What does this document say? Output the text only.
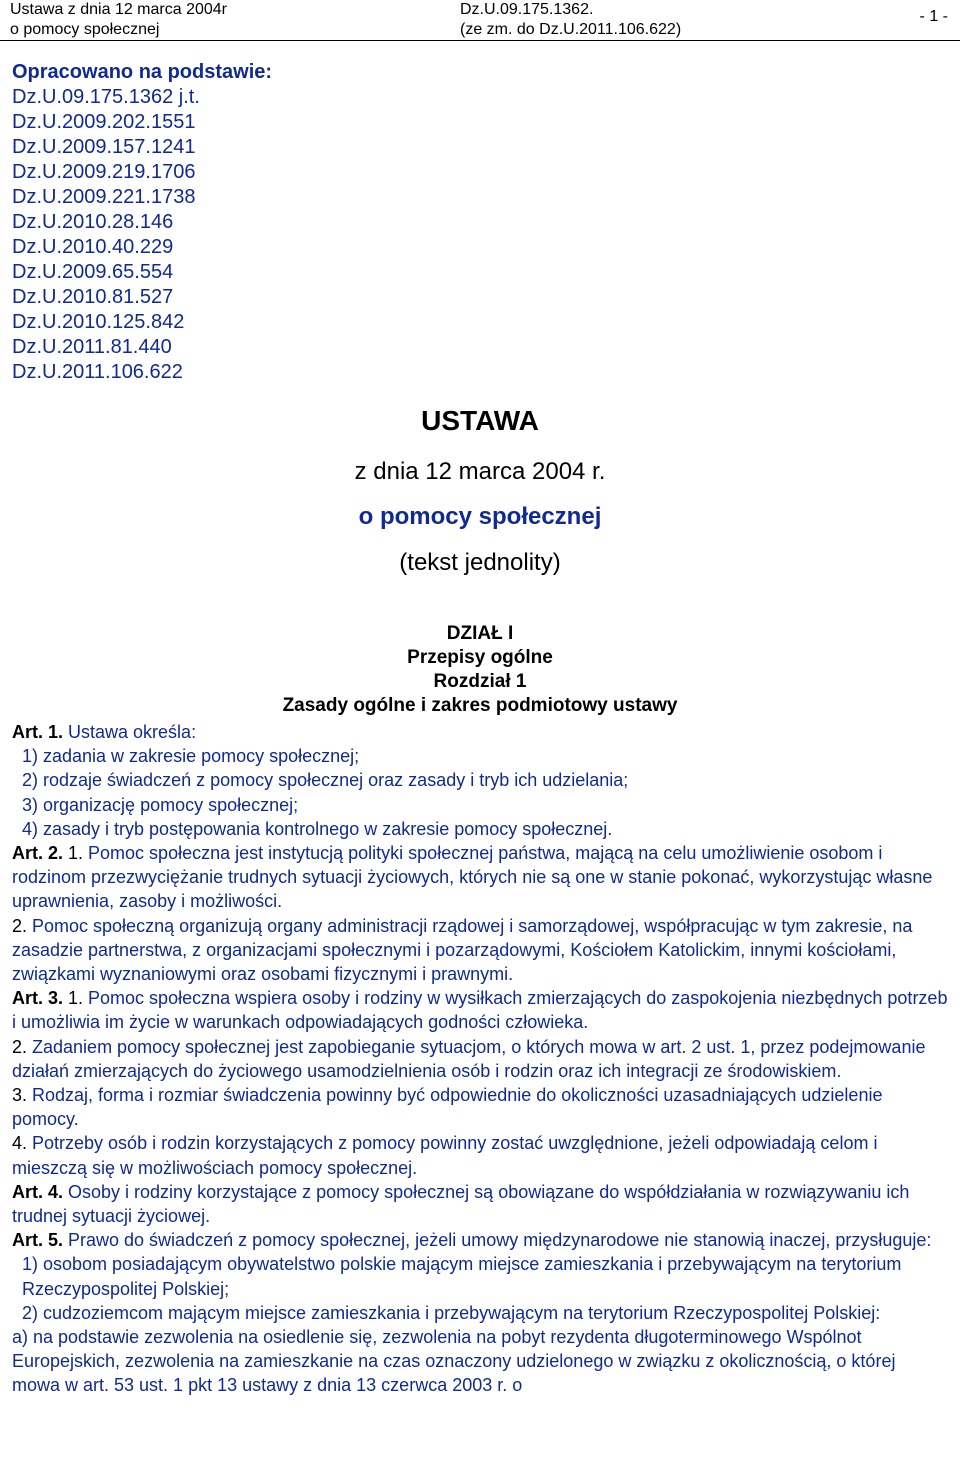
Ustawa z dnia 12 marca 2004r
o pomocy społecznej
Dz.U.09.175.1362.
(ze zm. do Dz.U.2011.106.622)
- 1 -
Opracowano na podstawie:
Dz.U.09.175.1362 j.t.
Dz.U.2009.202.1551
Dz.U.2009.157.1241
Dz.U.2009.219.1706
Dz.U.2009.221.1738
Dz.U.2010.28.146
Dz.U.2010.40.229
Dz.U.2009.65.554
Dz.U.2010.81.527
Dz.U.2010.125.842
Dz.U.2011.81.440
Dz.U.2011.106.622
USTAWA
z dnia 12 marca 2004 r.
o pomocy społecznej
(tekst jednolity)
DZIAŁ I
Przepisy ogólne
Rozdział 1
Zasady ogólne i zakres podmiotowy ustawy

Art. 1. Ustawa określa:

1) zadania w zakresie pomocy społecznej;

2) rodzaje świadczeń z pomocy społecznej oraz zasady i tryb ich udzielania;

3) organizację pomocy społecznej;

4) zasady i tryb postępowania kontrolnego w zakresie pomocy społecznej.

Art. 2. 1. Pomoc społeczna jest instytucją polityki społecznej państwa, mającą na celu umożliwienie osobom i rodzinom przezwyciężanie trudnych sytuacji życiowych, których nie są one w stanie pokonać, wykorzystując własne uprawnienia, zasoby i możliwości.

2. Pomoc społeczną organizują organy administracji rządowej i samorządowej, współpracując w tym zakresie, na zasadzie partnerstwa, z organizacjami społecznymi i pozarządowymi, Kościołem Katolickim, innymi kościołami, związkami wyznaniowymi oraz osobami fizycznymi i prawnymi.

Art. 3. 1. Pomoc społeczna wspiera osoby i rodziny w wysiłkach zmierzających do zaspokojenia niezbędnych potrzeb i umożliwia im życie w warunkach odpowiadających godności człowieka.

2. Zadaniem pomocy społecznej jest zapobieganie sytuacjom, o których mowa w art. 2 ust. 1, przez podejmowanie działań zmierzających do życiowego usamodzielnienia osób i rodzin oraz ich integracji ze środowiskiem.

3. Rodzaj, forma i rozmiar świadczenia powinny być odpowiednie do okoliczności uzasadniających udzielenie pomocy.

4. Potrzeby osób i rodzin korzystających z pomocy powinny zostać uwzględnione, jeżeli odpowiadają celom i mieszczą się w możliwościach pomocy społecznej.

Art. 4. Osoby i rodziny korzystające z pomocy społecznej są obowiązane do współdziałania w rozwiązywaniu ich trudnej sytuacji życiowej.

Art. 5. Prawo do świadczeń z pomocy społecznej, jeżeli umowy międzynarodowe nie stanowią inaczej, przysługuje:

1) osobom posiadającym obywatelstwo polskie mającym miejsce zamieszkania i przebywającym na terytorium Rzeczypospolitej Polskiej;

2) cudzoziemcom mającym miejsce zamieszkania i przebywającym na terytorium Rzeczypospolitej Polskiej:

a) na podstawie zezwolenia na osiedlenie się, zezwolenia na pobyt rezydenta długoterminowego Wspólnot Europejskich, zezwolenia na zamieszkanie na czas oznaczony udzielonego w związku z okolicznością, o której mowa w art. 53 ust. 1 pkt 13 ustawy z dnia 13 czerwca 2003 r. o
